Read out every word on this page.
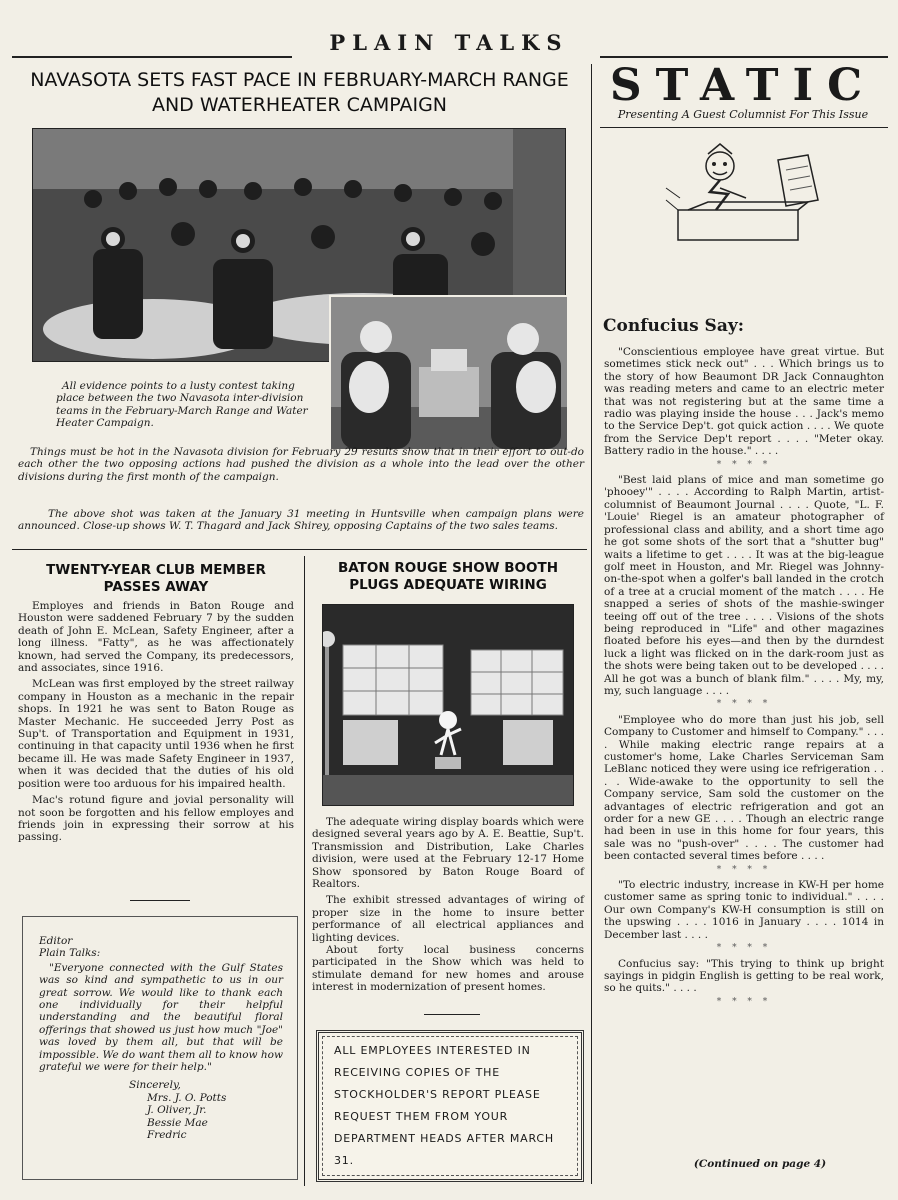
PLAIN TALKS
NAVASOTA SETS FAST PACE IN FEBRUARY-MARCH RANGE AND WATERHEATER CAMPAIGN
All evidence points to a lusty contest taking place between the two Navasota inter-division teams in the February-March Range and Water Heater Campaign.
Things must be hot in the Navasota division for February 29 results show that in their effort to out-do each other the two opposing actions had pushed the division as a whole into the lead over the other divisions during the first month of the campaign.
The above shot was taken at the January 31 meeting in Huntsville when campaign plans were announced. Close-up shows W. T. Thagard and Jack Shirey, opposing Captains of the two sales teams.
TWENTY-YEAR CLUB MEMBER PASSES AWAY

Employes and friends in Baton Rouge and Houston were saddened February 7 by the sudden death of John E. McLean, Safety Engineer, after a long illness. "Fatty", as he was affectionately known, had served the Company, its predecessors, and associates, since 1916.

McLean was first employed by the street railway company in Houston as a mechanic in the repair shops. In 1921 he was sent to Baton Rouge as Master Mechanic. He succeeded Jerry Post as Sup't. of Transportation and Equipment in 1931, continuing in that capacity until 1936 when he first became ill. He was made Safety Engineer in 1937, when it was decided that the duties of his old position were too arduous for his impaired health.

Mac's rotund figure and jovial personality will not soon be forgotten and his fellow employes and friends join in expressing their sorrow at his passing.

Editor
Plain Talks:
"Everyone connected with the Gulf States was so kind and sympathetic to us in our great sorrow. We would like to thank each one individually for their helpful understanding and the beautiful floral offerings that showed us just how much "Joe" was loved by them all, but that will be impossible. We do want them all to know how grateful we were for their help."
Sincerely,
Mrs. J. O. Potts
J. Oliver, Jr.
Bessie Mae
Fredric
BATON ROUGE SHOW BOOTH PLUGS ADEQUATE WIRING

The adequate wiring display boards which were designed several years ago by A. E. Beattie, Sup't. Transmission and Distribution, Lake Charles division, were used at the February 12-17 Home Show sponsored by Baton Rouge Board of Realtors.

The exhibit stressed advantages of wiring of proper size in the home to insure better performance of all electrical appliances and lighting devices.

About forty local business concerns participated in the Show which was held to stimulate demand for new homes and arouse interest in modernization of present homes.

ALL EMPLOYEES INTERESTED IN RECEIVING COPIES OF THE STOCKHOLDER'S REPORT PLEASE REQUEST THEM FROM YOUR DEPARTMENT HEADS AFTER MARCH 31.
STATIC
Presenting A Guest Columnist For This Issue
Confucius Say:

"Conscientious employee have great virtue. But sometimes stick neck out" . . . Which brings us to the story of how Beaumont DR Jack Connaughton was reading meters and came to an electric meter that was not registering but at the same time a radio was playing inside the house . . . Jack's memo to the Service Dep't. got quick action . . . . We quote from the Service Dep't report . . . . "Meter okay. Battery radio in the house." . . . .

* * * *

"Best laid plans of mice and man sometime go 'phooey'" . . . . According to Ralph Martin, artist-columnist of Beaumont Journal . . . . Quote, "L. F. 'Louie' Riegel is an amateur photographer of professional class and ability, and a short time ago he got some shots of the sort that a "shutter bug" waits a lifetime to get . . . . It was at the big-league golf meet in Houston, and Mr. Riegel was Johnny-on-the-spot when a golfer's ball landed in the crotch of a tree at a crucial moment of the match . . . . He snapped a series of shots of the mashie-swinger teeing off out of the tree . . . . Visions of the shots being reproduced in "Life" and other magazines floated before his eyes—and then by the durndest luck a light was flicked on in the dark-room just as the shots were being taken out to be developed . . . . All he got was a bunch of blank film." . . . . My, my, my, such language . . . .

* * * *

"Employee who do more than just his job, sell Company to Customer and himself to Company." . . . . While making electric range repairs at a customer's home, Lake Charles Serviceman Sam LeBlanc noticed they were using ice refrigeration . . . . Wide-awake to the opportunity to sell the Company service, Sam sold the customer on the advantages of electric refrigeration and got an order for a new GE . . . . Though an electric range had been in use in this home for four years, this sale was no "push-over" . . . . The customer had been contacted several times before . . . .

* * * *

"To electric industry, increase in KW-H per home customer same as spring tonic to individual." . . . . Our own Company's KW-H consumption is still on the upswing . . . . 1016 in January . . . . 1014 in December last . . . .

* * * *

Confucius say: "This trying to think up bright sayings in pidgin English is getting to be real work, so he quits." . . . .

* * * *
(Continued on page 4)
